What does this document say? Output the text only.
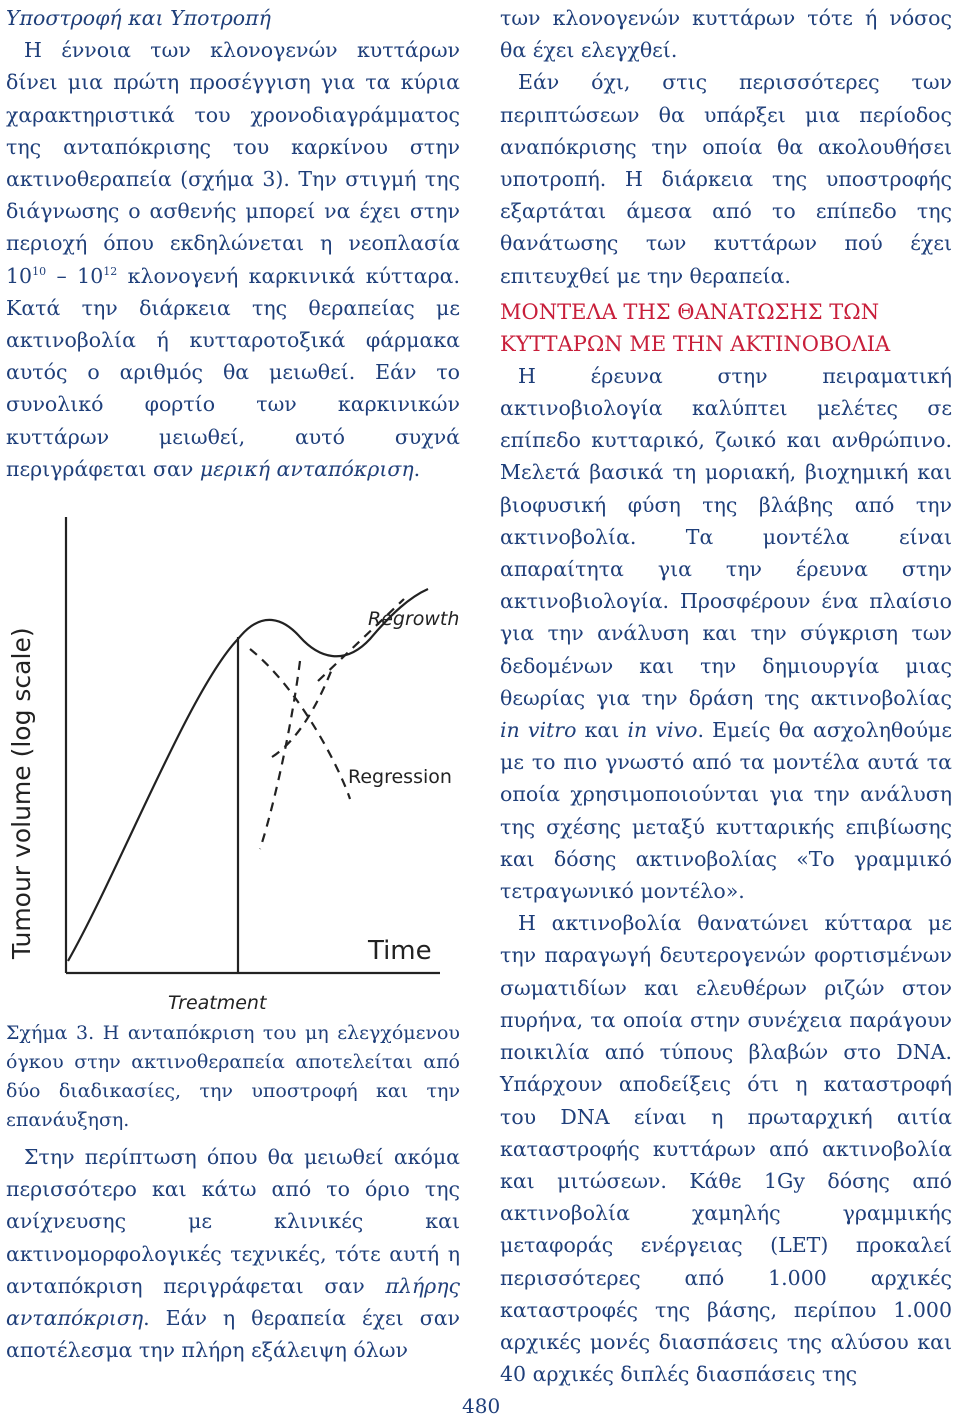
Υποστροφή και Υποτροπή

Η έννοια των κλονογενών κυττάρων δίνει μια πρώτη προσέγγιση για τα κύρια χαρακτηριστικά του χρονοδιαγράμματος της ανταπόκρισης του καρκίνου στην ακτινοθεραπεία (σχήμα 3). Την στιγμή της διάγνωσης ο ασθενής μπορεί να έχει στην περιοχή όπου εκδηλώνεται η νεοπλασία $10^{10} - 10^{12}$ κλονογενή καρκινικά κύτταρα. Κατά την διάρκεια της θεραπείας με ακτινοβολία ή κυτταροτοξικά φάρμακα αυτός ο αριθμός θα μειωθεί. Εάν το συνολικό φορτίο των καρκινικών κυττάρων μειωθεί, αυτό συχνά περιγράφεται σαν μερική ανταπόκριση.

Tumour volume (log scale)	Time
Treatment
Regrowth
Regression

Σχήμα 3. Η ανταπόκριση του μη ελεγχόμενου όγκου στην ακτινοθεραπεία αποτελείται από δύο διαδικασίες, την υποστροφή και την επανάυξηση.

Στην περίπτωση όπου θα μειωθεί ακόμα περισσότερο και κάτω από το όριο της ανίχνευσης με κλινικές και ακτινομορφολογικές τεχνικές, τότε αυτή η ανταπόκριση περιγράφεται σαν πλήρης ανταπόκριση. Εάν η θεραπεία έχει σαν αποτέλεσμα την πλήρη εξάλειψη όλων

των κλονογενών κυττάρων τότε ή νόσος θα έχει ελεγχθεί.

Εάν όχι, στις περισσότερες των περιπτώσεων θα υπάρξει μια περίοδος αναπόκρισης την οποία θα ακολουθήσει υποτροπή. Η διάρκεια της υποστροφής εξαρτάται άμεσα από το επίπεδο της θανάτωσης των κυττάρων πού έχει επιτευχθεί με την θεραπεία.

ΜΟΝΤΕΛΑ ΤΗΣ ΘΑΝΑΤΩΣΗΣ ΤΩΝ ΚΥΤΤΑΡΩΝ ΜΕ ΤΗΝ ΑΚΤΙΝΟΒΟΛΙΑ

Η έρευνα στην πειραματική ακτινοβιολογία καλύπτει μελέτες σε επίπεδο κυτταρικό, ζωικό και ανθρώπινο. Μελετά βασικά τη μοριακή, βιοχημική και βιοφυσική φύση της βλάβης από την ακτινοβολία. Τα μοντέλα είναι απαραίτητα για την έρευνα στην ακτινοβιολογία. Προσφέρουν ένα πλαίσιο για την ανάλυση και την σύγκριση των δεδομένων και την δημιουργία μιας θεωρίας για την δράση της ακτινοβολίας in vitro και in vivo. Εμείς θα ασχοληθούμε με το πιο γνωστό από τα μοντέλα αυτά τα οποία χρησιμοποιούνται για την ανάλυση της σχέσης μεταξύ κυτταρικής επιβίωσης και δόσης ακτινοβολίας «Το γραμμικό τετραγωνικό μοντέλο».

Η ακτινοβολία θανατώνει κύτταρα με την παραγωγή δευτερογενών φορτισμένων σωματιδίων και ελευθέρων ριζών στον πυρήνα, τα οποία στην συνέχεια παράγουν ποικιλία από τύπους βλαβών στο DNA. Υπάρχουν αποδείξεις ότι η καταστροφή του DNA είναι η πρωταρχική αιτία καταστροφής κυττάρων από ακτινοβολία και μιτώσεων. Κάθε 1Gy δόσης από ακτινοβολία χαμηλής γραμμικής μεταφοράς ενέργειας (LET) προκαλεί περισσότερες από 1.000 αρχικές καταστροφές της βάσης, περίπου 1.000 αρχικές μονές διασπάσεις της αλύσου και 40 αρχικές διπλές διασπάσεις της

480
